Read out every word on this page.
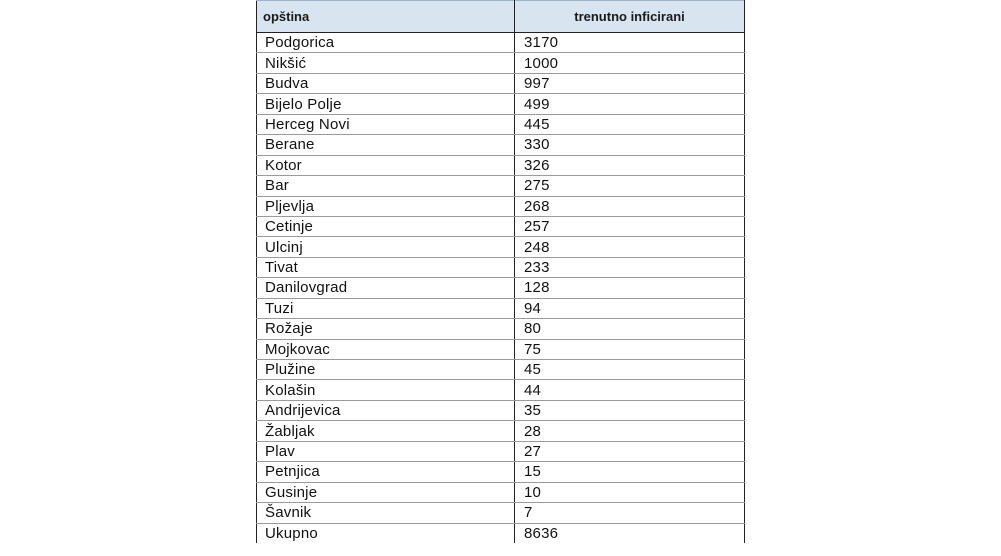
opština	trenutno inficirani
Podgorica	3170
Nikšić	1000
Budva	997
Bijelo Polje	499
Herceg Novi	445
Berane	330
Kotor	326
Bar	275
Pljevlja	268
Cetinje	257
Ulcinj	248
Tivat	233
Danilovgrad	128
Tuzi	94
Rožaje	80
Mojkovac	75
Plužine	45
Kolašin	44
Andrijevica	35
Žabljak	28
Plav	27
Petnjica	15
Gusinje	10
Šavnik	7
Ukupno	8636
